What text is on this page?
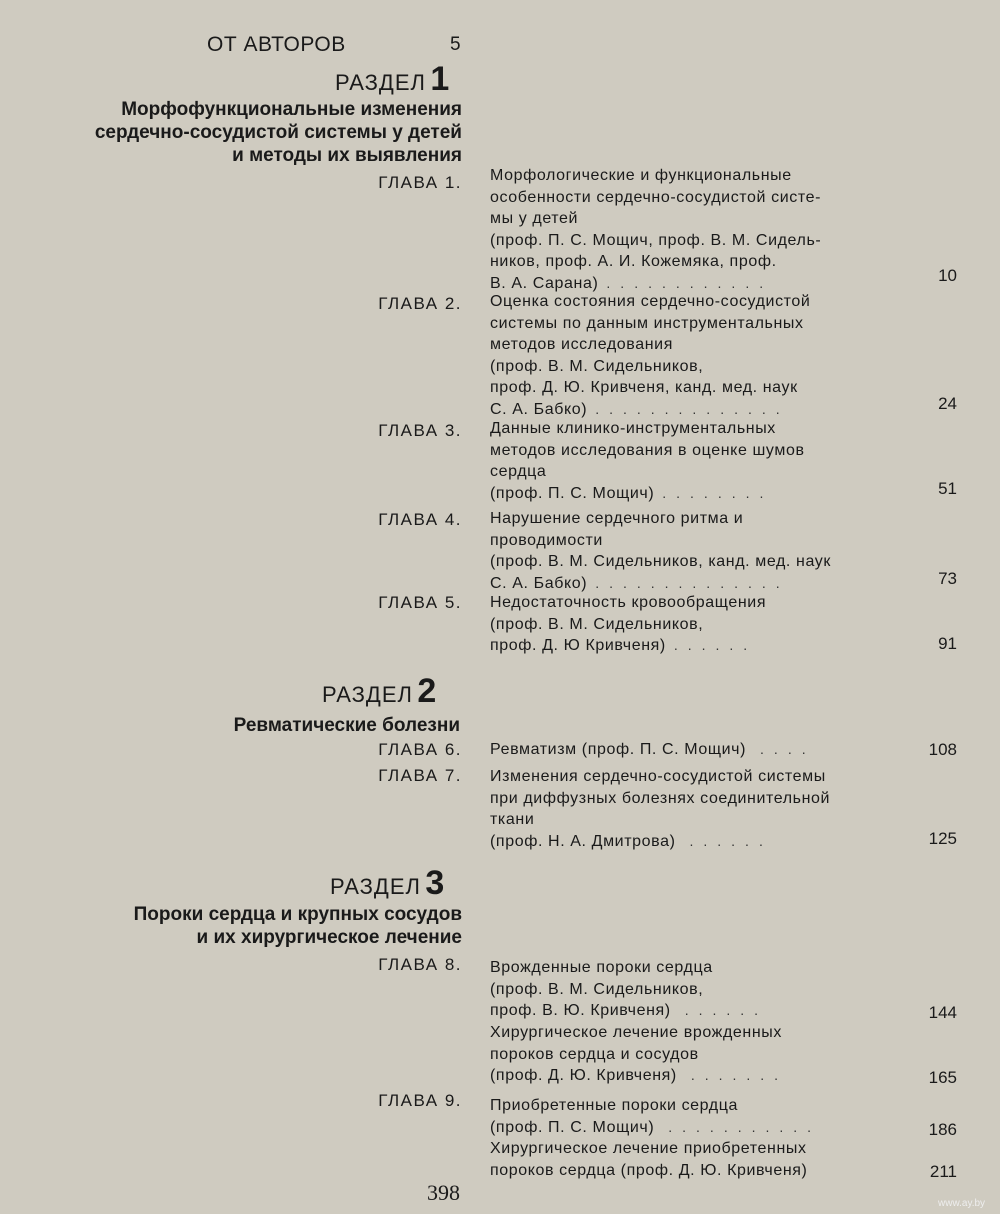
ОТ АВТОРОВ	5
РАЗДЕЛ 1
Морфофункциональные изменения
сердечно-сосудистой системы у детей
и методы их выявления
ГЛАВА 1. Морфологические и функциональные
особенности сердечно-сосудистой систе-
мы у детей
(проф. П. С. Мощич, проф. В. М. Сидель-
ников, проф. А. И. Кожемяка, проф.
В. А. Сарана) ............	10
ГЛАВА 2. Оценка состояния сердечно-сосудистой
системы по данным инструментальных
методов исследования
(проф. В. М. Сидельников,
проф. Д. Ю. Кривченя, канд. мед. наук
С. А. Бабко) ..............	24
ГЛАВА 3. Данные клинико-инструментальных
методов исследования в оценке шумов
сердца
(проф. П. С. Мощич) ........	51
ГЛАВА 4. Нарушение сердечного ритма и
проводимости
(проф. В. М. Сидельников, канд. мед. наук
С. А. Бабко) ..............	73
ГЛАВА 5. Недостаточность кровообращения
(проф. В. М. Сидельников,
проф. Д. Ю Кривченя) ......	91
РАЗДЕЛ 2
Ревматические болезни
ГЛАВА 6. Ревматизм (проф. П. С. Мощич) ....	108
ГЛАВА 7. Изменения сердечно-сосудистой системы
при диффузных болезнях соединительной
ткани
(проф. Н. А. Дмитрова) ......	125
РАЗДЕЛ 3
Пороки сердца и крупных сосудов
и их хирургическое лечение
ГЛАВА 8. Врожденные пороки сердца
(проф. В. М. Сидельников,
проф. В. Ю. Кривченя) ......	144
Хирургическое лечение врожденных
пороков сердца и сосудов
(проф. Д. Ю. Кривченя) .......	165
ГЛАВА 9. Приобретенные пороки сердца
(проф. П. С. Мощич) ...........	186
Хирургическое лечение приобретенных
пороков сердца (проф. Д. Ю. Кривченя)	211
398	www.ay.by
